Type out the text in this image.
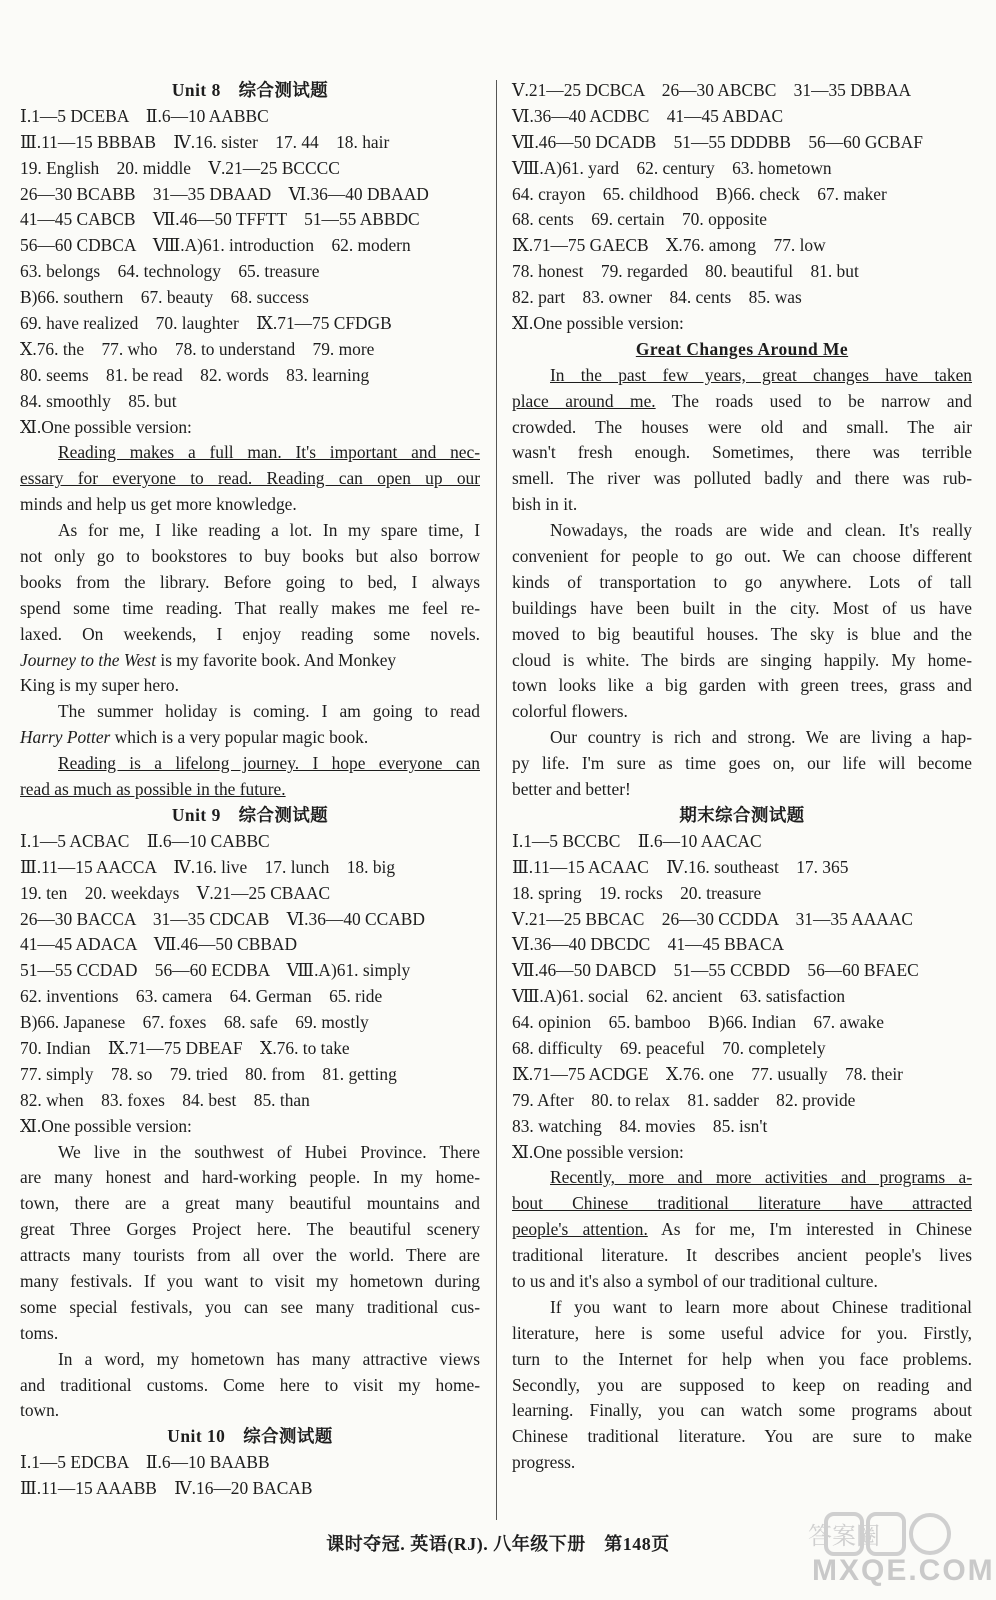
Unit 8　综合测试题
Ⅰ.1—5 DCEBA　Ⅱ.6—10 AABBC
Ⅲ.11—15 BBBAB　Ⅳ.16. sister　17. 44　18. hair
19. English　20. middle　Ⅴ.21—25 BCCCC
26—30 BCABB　31—35 DBAAD　Ⅵ.36—40 DBAAD
41—45 CABCB　Ⅶ.46—50 TFFTT　51—55 ABBDC
56—60 CDBCA　Ⅷ.A)61. introduction　62. modern
63. belongs　64. technology　65. treasure
B)66. southern　67. beauty　68. success
69. have realized　70. laughter　Ⅸ.71—75 CFDGB
Ⅹ.76. the　77. who　78. to understand　79. more
80. seems　81. be read　82. words　83. learning
84. smoothly　85. but
Ⅺ.One possible version:
Reading makes a full man. It's important and nec-
essary for everyone to read. Reading can open up our
minds and help us get more knowledge.
As for me, I like reading a lot. In my spare time, I
not only go to bookstores to buy books but also borrow
books from the library. Before going to bed, I always
spend some time reading. That really makes me feel re-
laxed. On weekends, I enjoy reading some novels.
Journey to the West is my favorite book. And Monkey
King is my super hero.
The summer holiday is coming. I am going to read
Harry Potter which is a very popular magic book.
Reading is a lifelong journey. I hope everyone can
read as much as possible in the future.
Unit 9　综合测试题
Ⅰ.1—5 ACBAC　Ⅱ.6—10 CABBC
Ⅲ.11—15 AACCA　Ⅳ.16. live　17. lunch　18. big
19. ten　20. weekdays　Ⅴ.21—25 CBAAC
26—30 BACCA　31—35 CDCAB　Ⅵ.36—40 CCABD
41—45 ADACA　Ⅶ.46—50 CBBAD
51—55 CCDAD　56—60 ECDBA　Ⅷ.A)61. simply
62. inventions　63. camera　64. German　65. ride
B)66. Japanese　67. foxes　68. safe　69. mostly
70. Indian　Ⅸ.71—75 DBEAF　Ⅹ.76. to take
77. simply　78. so　79. tried　80. from　81. getting
82. when　83. foxes　84. best　85. than
Ⅺ.One possible version:
We live in the southwest of Hubei Province. There
are many honest and hard-working people. In my home-
town, there are a great many beautiful mountains and
great Three Gorges Project here. The beautiful scenery
attracts many tourists from all over the world. There are
many festivals. If you want to visit my hometown during
some special festivals, you can see many traditional cus-
toms.
In a word, my hometown has many attractive views
and traditional customs. Come here to visit my home-
town.
Unit 10　综合测试题
Ⅰ.1—5 EDCBA　Ⅱ.6—10 BAABB
Ⅲ.11—15 AAABB　Ⅳ.16—20 BACAB
Ⅴ.21—25 DCBCA　26—30 ABCBC　31—35 DBBAA
Ⅵ.36—40 ACDBC　41—45 ABDAC
Ⅶ.46—50 DCADB　51—55 DDDBB　56—60 GCBAF
Ⅷ.A)61. yard　62. century　63. hometown
64. crayon　65. childhood　B)66. check　67. maker
68. cents　69. certain　70. opposite
Ⅸ.71—75 GAECB　Ⅹ.76. among　77. low
78. honest　79. regarded　80. beautiful　81. but
82. part　83. owner　84. cents　85. was
Ⅺ.One possible version:
Great Changes Around Me
In the past few years, great changes have taken
place around me. The roads used to be narrow and
crowded. The houses were old and small. The air
wasn't fresh enough. Sometimes, there was terrible
smell. The river was polluted badly and there was rub-
bish in it.
Nowadays, the roads are wide and clean. It's really
convenient for people to go out. We can choose different
kinds of transportation to go anywhere. Lots of tall
buildings have been built in the city. Most of us have
moved to big beautiful houses. The sky is blue and the
cloud is white. The birds are singing happily. My home-
town looks like a big garden with green trees, grass and
colorful flowers.
Our country is rich and strong. We are living a hap-
py life. I'm sure as time goes on, our life will become
better and better!
期末综合测试题
Ⅰ.1—5 BCCBC　Ⅱ.6—10 AACAC
Ⅲ.11—15 ACAAC　Ⅳ.16. southeast　17. 365
18. spring　19. rocks　20. treasure
Ⅴ.21—25 BBCAC　26—30 CCDDA　31—35 AAAAC
Ⅵ.36—40 DBCDC　41—45 BBACA
Ⅶ.46—50 DABCD　51—55 CCBDD　56—60 BFAEC
Ⅷ.A)61. social　62. ancient　63. satisfaction
64. opinion　65. bamboo　B)66. Indian　67. awake
68. difficulty　69. peaceful　70. completely
Ⅸ.71—75 ACDGE　Ⅹ.76. one　77. usually　78. their
79. After　80. to relax　81. sadder　82. provide
83. watching　84. movies　85. isn't
Ⅺ.One possible version:
Recently, more and more activities and programs a-
bout Chinese traditional literature have attracted
people's attention. As for me, I'm interested in Chinese
traditional literature. It describes ancient people's lives
to us and it's also a symbol of our traditional culture.
If you want to learn more about Chinese traditional
literature, here is some useful advice for you. Firstly,
turn to the Internet for help when you face problems.
Secondly, you are supposed to keep on reading and
learning. Finally, you can watch some programs about
Chinese traditional literature. You are sure to make
progress.
课时夺冠. 英语(RJ). 八年级下册　第148页	答案圈
MXQE.COM
